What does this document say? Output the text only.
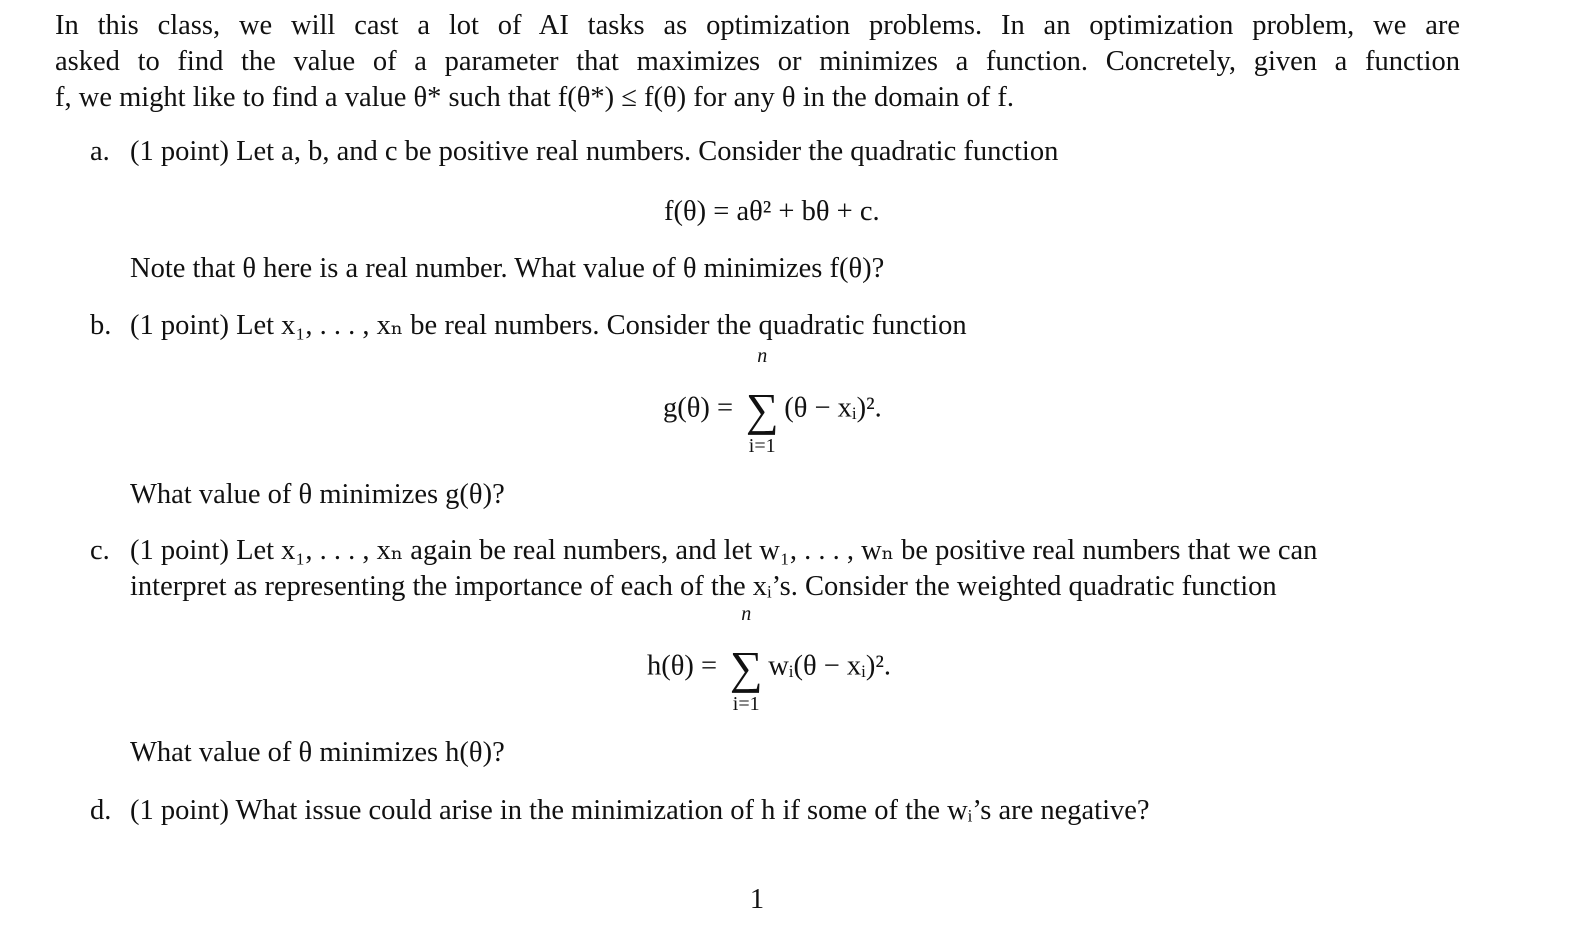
In this class, we will cast a lot of AI tasks as optimization problems. In an optimization problem, we are
asked to find the value of a parameter that maximizes or minimizes a function. Concretely, given a function
f, we might like to find a value θ* such that f(θ*) ≤ f(θ) for any θ in the domain of f.
a. (1 point) Let a, b, and c be positive real numbers. Consider the quadratic function
f(θ) = aθ² + bθ + c.
Note that θ here is a real number. What value of θ minimizes f(θ)?
b. (1 point) Let x₁, . . . , xₙ be real numbers. Consider the quadratic function
g(θ) =
n
∑
i=1
(θ − xᵢ)².
What value of θ minimizes g(θ)?
c. (1 point) Let x₁, . . . , xₙ again be real numbers, and let w₁, . . . , wₙ be positive real numbers that we can
interpret as representing the importance of each of the xᵢ’s. Consider the weighted quadratic function
h(θ) =
n
∑
i=1
wᵢ(θ − xᵢ)².
What value of θ minimizes h(θ)?
d. (1 point) What issue could arise in the minimization of h if some of the wᵢ’s are negative?
1
